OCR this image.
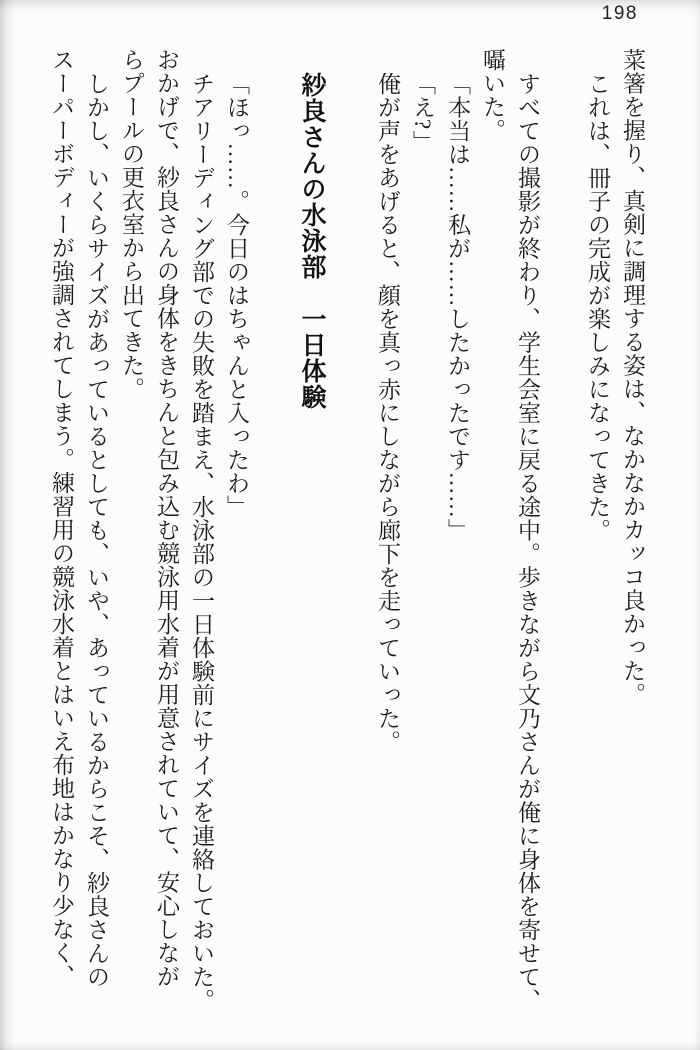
198
菜箸を握り、真剣に調理する姿は、なかなかカッコ良かった。
これは、冊子の完成が楽しみになってきた。
すべての撮影が終わり、学生会室に戻る途中。歩きながら文乃さんが俺に身体を寄せて、
囁いた。
「本当は……私が……したかったです……」
「え?」
俺が声をあげると、顔を真っ赤にしながら廊下を走っていった。
紗良さんの水泳部　一日体験
「ほっ……。今日のはちゃんと入ったわ」
チアリーディング部での失敗を踏まえ、水泳部の一日体験前にサイズを連絡しておいた。
おかげで、紗良さんの身体をきちんと包み込む競泳用水着が用意されていて、安心しなが
らプールの更衣室から出てきた。
しかし、いくらサイズがあっているとしても、いや、あっているからこそ、紗良さんの
スーパーボディーが強調されてしまう。練習用の競泳水着とはいえ布地はかなり少なく、
